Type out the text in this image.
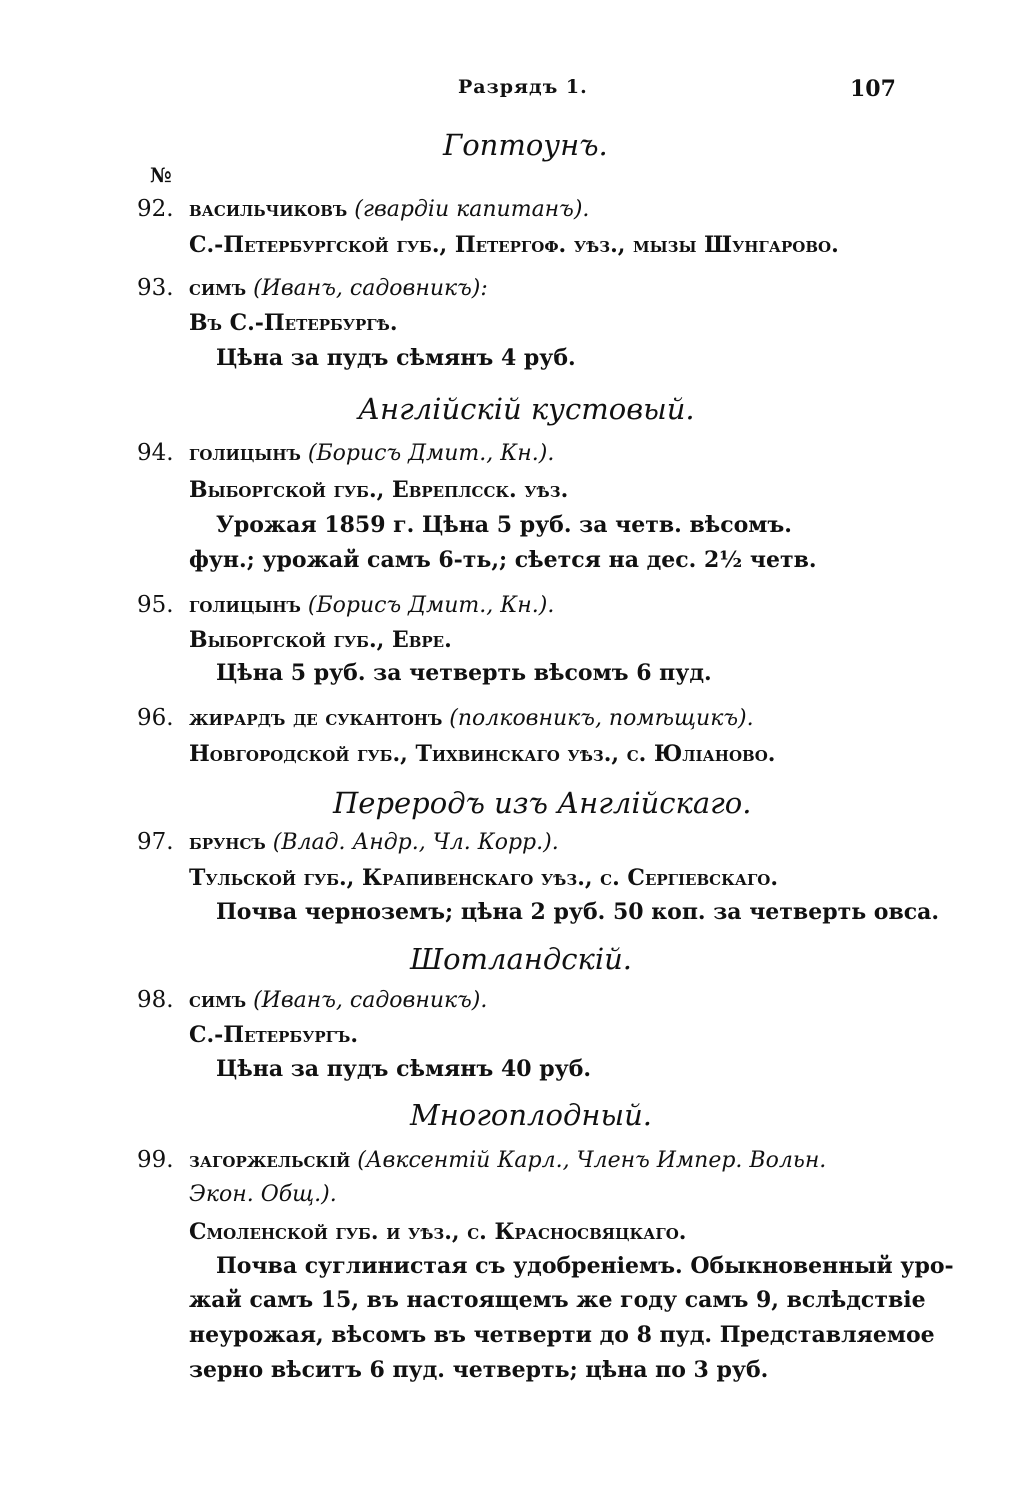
Разрядъ 1.	107
Гоптоунъ.
№
92. васильчиковъ (гвардіи капитанъ).
С.-Петербургской губ., Петергоф. уѣз., мызы Шунгарово.
93. симъ (Иванъ, садовникъ):
Въ С.-Петербургѣ.
Цѣна за пудъ сѣмянъ 4 руб.
Англійскій кустовый.
94. голицынъ (Борисъ Дмит., Кн.).
Выборгской губ., Евреплсск. уѣз.
Урожая 1859 г. Цѣна 5 руб. за четв. вѣсомъ.
фун.; урожай самъ 6-ть,; сѣется на дес. 2½ четв.
95. голицынъ (Борисъ Дмит., Кн.).
Выборгской губ., Евре.
Цѣна 5 руб. за четверть вѣсомъ 6 пуд.
96. жирардъ де сукантонъ (полковникъ, помѣщикъ).
Новгородской губ., Тихвинскаго уѣз., с. Юліаново.
Переродъ изъ Англійскаго.
97. брунсъ (Влад. Андр., Чл. Корр.).
Тульской губ., Крапивенскаго уѣз., с. Сергіевскаго.
Почва черноземъ; цѣна 2 руб. 50 коп. за четверть овса.
Шотландскій.
98. симъ (Иванъ, садовникъ).
С.-Петербургъ.
Цѣна за пудъ сѣмянъ 40 руб.
Многоплодный.
99. загоржельскій (Авксентій Карл., Членъ Импер. Вольн.
Экон. Общ.).
Смоленской губ. и уѣз., с. Красносвяцкаго.
Почва суглинистая съ удобреніемъ. Обыкновенный уро-
жай самъ 15, въ настоящемъ же году самъ 9, вслѣдствіе
неурожая, вѣсомъ въ четверти до 8 пуд. Представляемое
зерно вѣситъ 6 пуд. четверть; цѣна по 3 руб.
